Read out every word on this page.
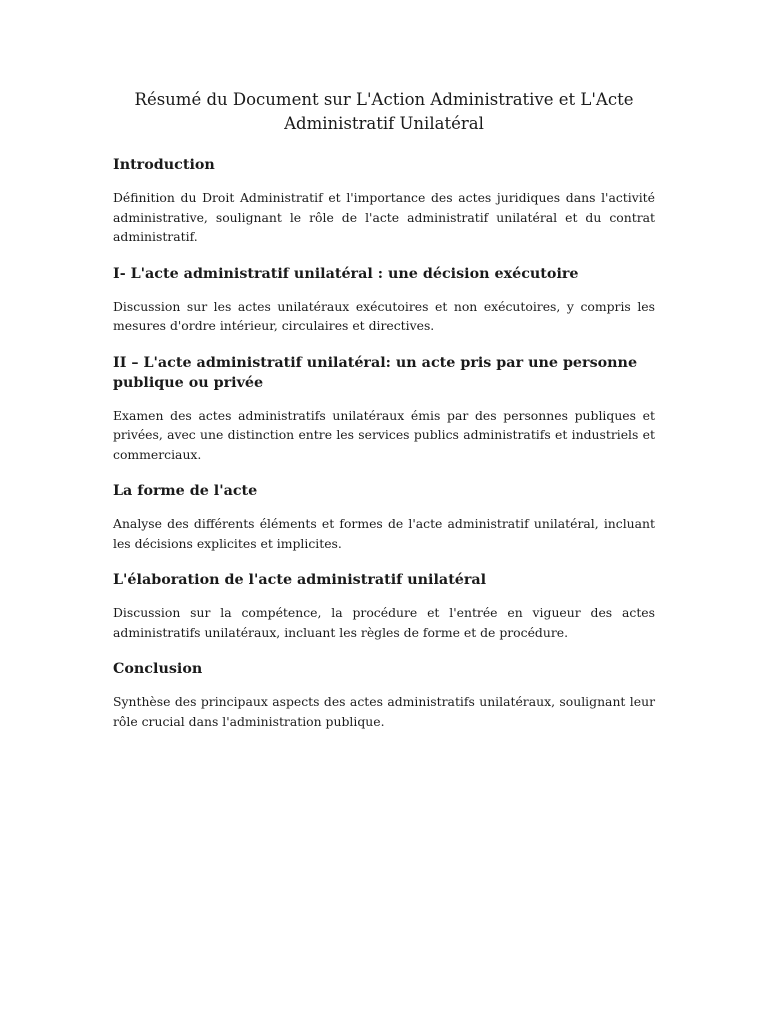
Résumé du Document sur L'Action Administrative et L'Acte Administratif Unilatéral
Introduction

Définition du Droit Administratif et l'importance des actes juridiques dans l'activité administrative, soulignant le rôle de l'acte administratif unilatéral et du contrat administratif.

I- L'acte administratif unilatéral : une décision exécutoire

Discussion sur les actes unilatéraux exécutoires et non exécutoires, y compris les mesures d'ordre intérieur, circulaires et directives.

II – L'acte administratif unilatéral: un acte pris par une personne publique ou privée

Examen des actes administratifs unilatéraux émis par des personnes publiques et privées, avec une distinction entre les services publics administratifs et industriels et commerciaux.

La forme de l'acte

Analyse des différents éléments et formes de l'acte administratif unilatéral, incluant les décisions explicites et implicites.

L'élaboration de l'acte administratif unilatéral

Discussion sur la compétence, la procédure et l'entrée en vigueur des actes administratifs unilatéraux, incluant les règles de forme et de procédure.

Conclusion

Synthèse des principaux aspects des actes administratifs unilatéraux, soulignant leur rôle crucial dans l'administration publique.
